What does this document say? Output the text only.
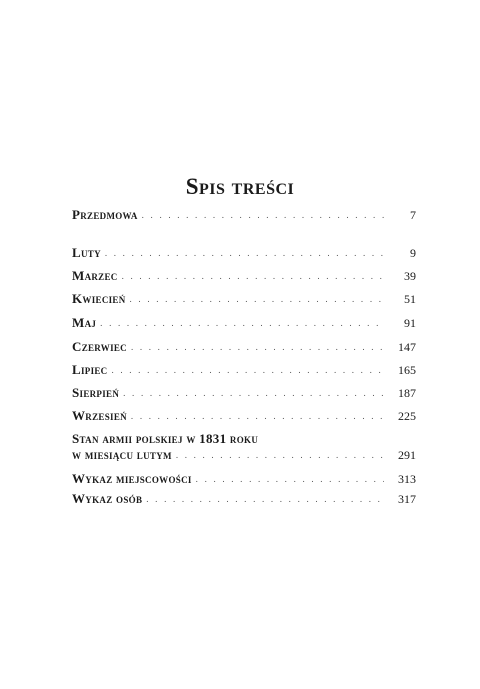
Spis treści
Przedmowa . . .	7
Luty . . .	9
Marzec . . .	39
Kwiecień . . .	51
Maj . . .	91
Czerwiec . . .	147
Lipiec . . .	165
Sierpień . . .	187
Wrzesień . . .	225
Stan armii polskiej w 1831 roku
w miesiącu lutym . . .	291
Wykaz miejscowości . . .	313
Wykaz osób . . .	317
